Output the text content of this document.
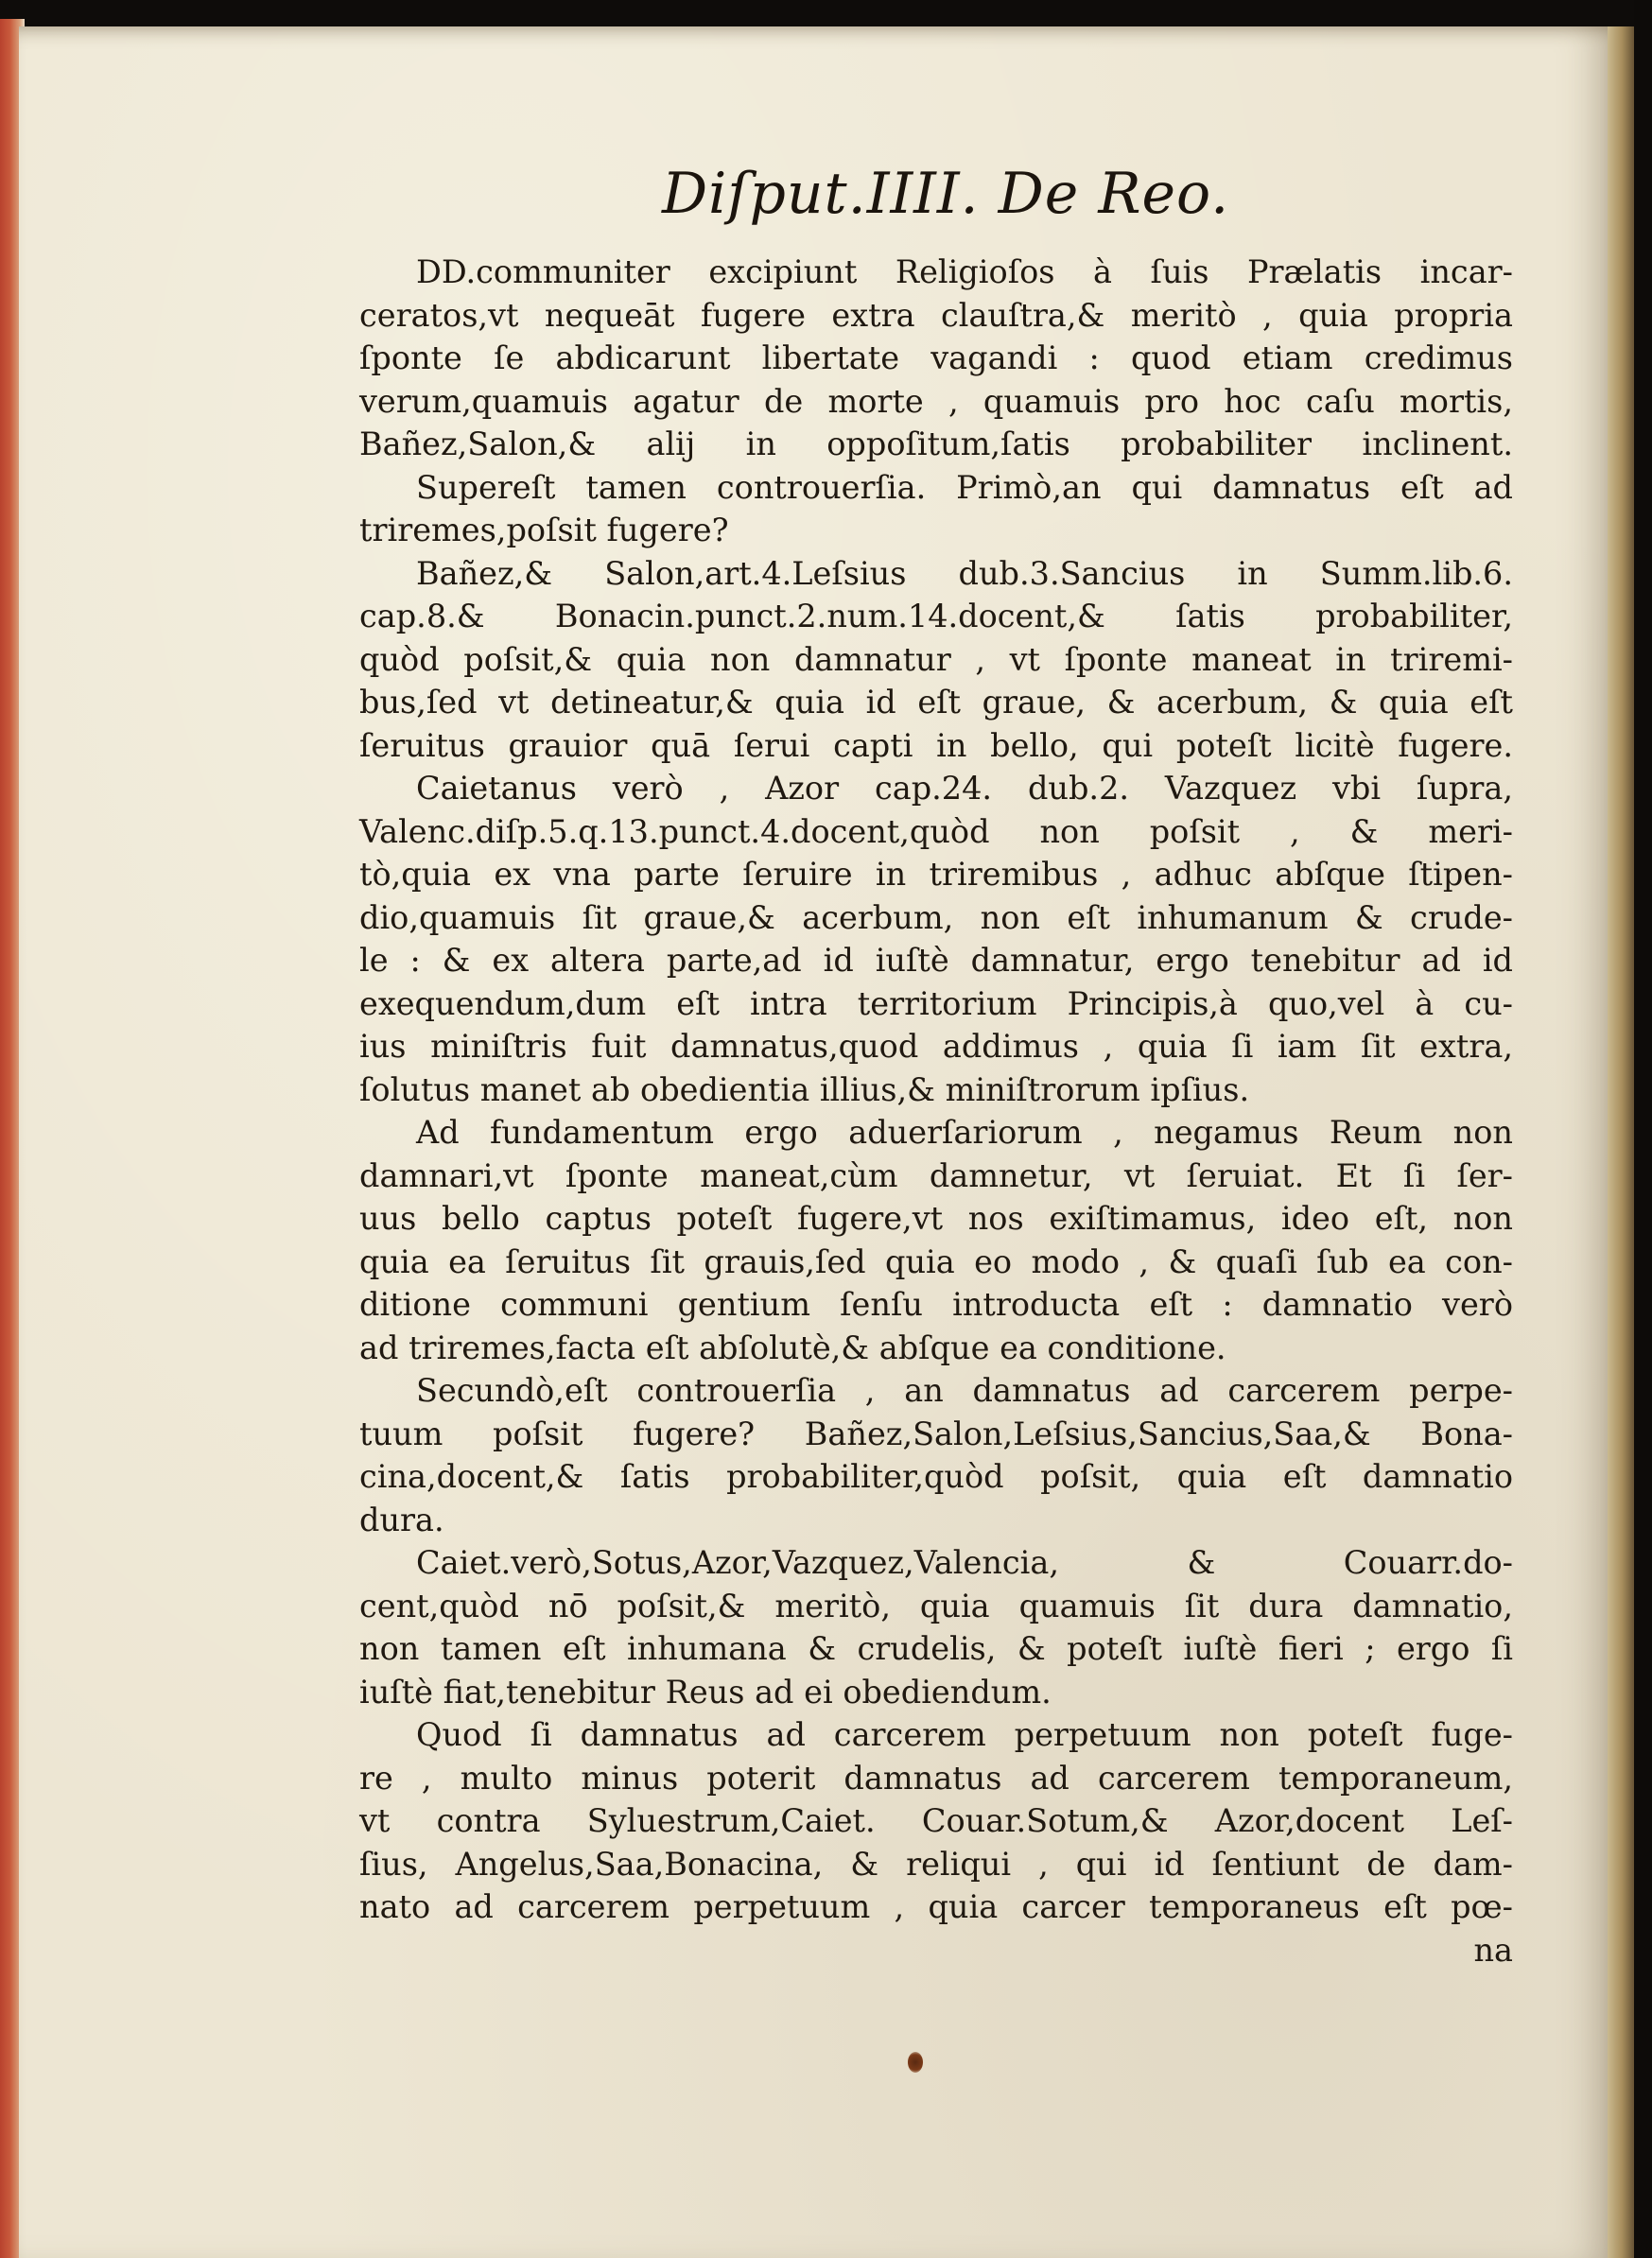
Diſput.IIII. De Reo.
DD.communiter excipiunt Religioſos à ſuis Prælatis incar-
ceratos,vt nequeāt fugere extra clauſtra,& meritò , quia propria
ſponte ſe abdicarunt libertate vagandi : quod etiam credimus
verum,quamuis agatur de morte , quamuis pro hoc caſu mortis,
Bañez,Salon,& alij in oppoſitum,ſatis probabiliter inclinent.
Supereſt tamen controuerſia. Primò,an qui damnatus eſt ad
triremes,poſsit fugere?
Bañez,& Salon,art.4.Leſsius dub.3.Sancius in Summ.lib.6.
cap.8.& Bonacin.punct.2.num.14.docent,& ſatis probabiliter,
quòd poſsit,& quia non damnatur , vt ſponte maneat in triremi-
bus,ſed vt detineatur,& quia id eſt graue, & acerbum, & quia eſt
ſeruitus grauior quā ſerui capti in bello, qui poteſt licitè fugere.
Caietanus verò , Azor cap.24. dub.2. Vazquez vbi ſupra,
Valenc.diſp.5.q.13.punct.4.docent,quòd non poſsit , & meri-
tò,quia ex vna parte ſeruire in triremibus , adhuc abſque ſtipen-
dio,quamuis ſit graue,& acerbum, non eſt inhumanum & crude-
le : & ex altera parte,ad id iuſtè damnatur, ergo tenebitur ad id
exequendum,dum eſt intra territorium Principis,à quo,vel à cu-
ius miniſtris fuit damnatus,quod addimus , quia ſi iam ſit extra,
ſolutus manet ab obedientia illius,& miniſtrorum ipſius.
Ad fundamentum ergo aduerſariorum , negamus Reum non
damnari,vt ſponte maneat,cùm damnetur, vt ſeruiat. Et ſi ſer-
uus bello captus poteſt fugere,vt nos exiſtimamus, ideo eſt, non
quia ea ſeruitus ſit grauis,ſed quia eo modo , & quaſi ſub ea con-
ditione communi gentium ſenſu introducta eſt : damnatio verò
ad triremes,facta eſt abſolutè,& abſque ea conditione.
Secundò,eſt controuerſia , an damnatus ad carcerem perpe-
tuum poſsit fugere? Bañez,Salon,Leſsius,Sancius,Saa,& Bona-
cina,docent,& ſatis probabiliter,quòd poſsit, quia eſt damnatio
dura.
Caiet.verò,Sotus,Azor,Vazquez,Valencia, & Couarr.do-
cent,quòd nō poſsit,& meritò, quia quamuis ſit dura damnatio,
non tamen eſt inhumana & crudelis, & poteſt iuſtè fieri ; ergo ſi
iuſtè fiat,tenebitur Reus ad ei obediendum.
Quod ſi damnatus ad carcerem perpetuum non poteſt fuge-
re , multo minus poterit damnatus ad carcerem temporaneum,
vt contra Syluestrum,Caiet. Couar.Sotum,& Azor,docent Leſ-
ſius, Angelus,Saa,Bonacina, & reliqui , qui id ſentiunt de dam-
nato ad carcerem perpetuum , quia carcer temporaneus eſt pœ-
na
